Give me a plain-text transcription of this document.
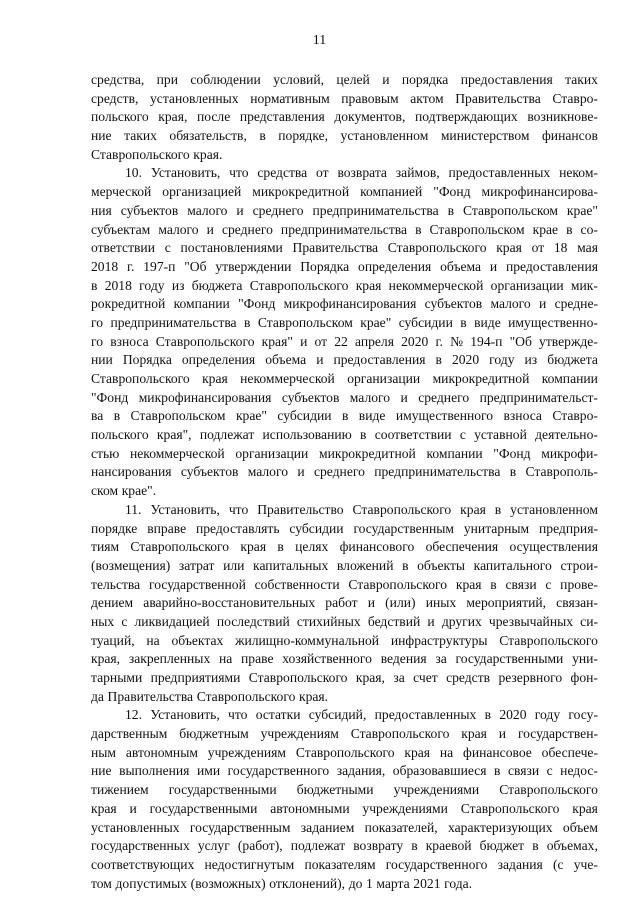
11
средства, при соблюдении условий, целей и порядка предоставления таких
средств, установленных нормативным правовым актом Правительства Ставро-
польского края, после представления документов, подтверждающих возникнове-
ние таких обязательств, в порядке, установленном министерством финансов
Ставропольского края.
10. Установить, что средства от возврата займов, предоставленных неком-
мерческой организацией микрокредитной компанией "Фонд микрофинансирова-
ния субъектов малого и среднего предпринимательства в Ставропольском крае"
субъектам малого и среднего предпринимательства в Ставропольском крае в со-
ответствии с постановлениями Правительства Ставропольского края от 18 мая
2018 г. 197-п "Об утверждении Порядка определения объема и предоставления
в 2018 году из бюджета Ставропольского края некоммерческой организации мик-
рокредитной компании "Фонд микрофинансирования субъектов малого и средне-
го предпринимательства в Ставропольском крае" субсидии в виде имущественно-
го взноса Ставропольского края" и от 22 апреля 2020 г. № 194-п "Об утвержде-
нии Порядка определения объема и предоставления в 2020 году из бюджета
Ставропольского края некоммерческой организации микрокредитной компании
"Фонд микрофинансирования субъектов малого и среднего предпринимательст-
ва в Ставропольском крае" субсидии в виде имущественного взноса Ставро-
польского края", подлежат использованию в соответствии с уставной деятельно-
стью некоммерческой организации микрокредитной компании "Фонд микрофи-
нансирования субъектов малого и среднего предпринимательства в Ставрополь-
ском крае".
11. Установить, что Правительство Ставропольского края в установленном
порядке вправе предоставлять субсидии государственным унитарным предприя-
тиям Ставропольского края в целях финансового обеспечения осуществления
(возмещения) затрат или капитальных вложений в объекты капитального строи-
тельства государственной собственности Ставропольского края в связи с прове-
дением аварийно-восстановительных работ и (или) иных мероприятий, связан-
ных с ликвидацией последствий стихийных бедствий и других чрезвычайных си-
туаций, на объектах жилищно-коммунальной инфраструктуры Ставропольского
края, закрепленных на праве хозяйственного ведения за государственными уни-
тарными предприятиями Ставропольского края, за счет средств резервного фон-
да Правительства Ставропольского края.
12. Установить, что остатки субсидий, предоставленных в 2020 году госу-
дарственным бюджетным учреждениям Ставропольского края и государствен-
ным автономным учреждениям Ставропольского края на финансовое обеспече-
ние выполнения ими государственного задания, образовавшиеся в связи с недос-
тижением государственными бюджетными учреждениями Ставропольского
края и государственными автономными учреждениями Ставропольского края
установленных государственным заданием показателей, характеризующих объем
государственных услуг (работ), подлежат возврату в краевой бюджет в объемах,
соответствующих недостигнутым показателям государственного задания (с уче-
том допустимых (возможных) отклонений), до 1 марта 2021 года.
